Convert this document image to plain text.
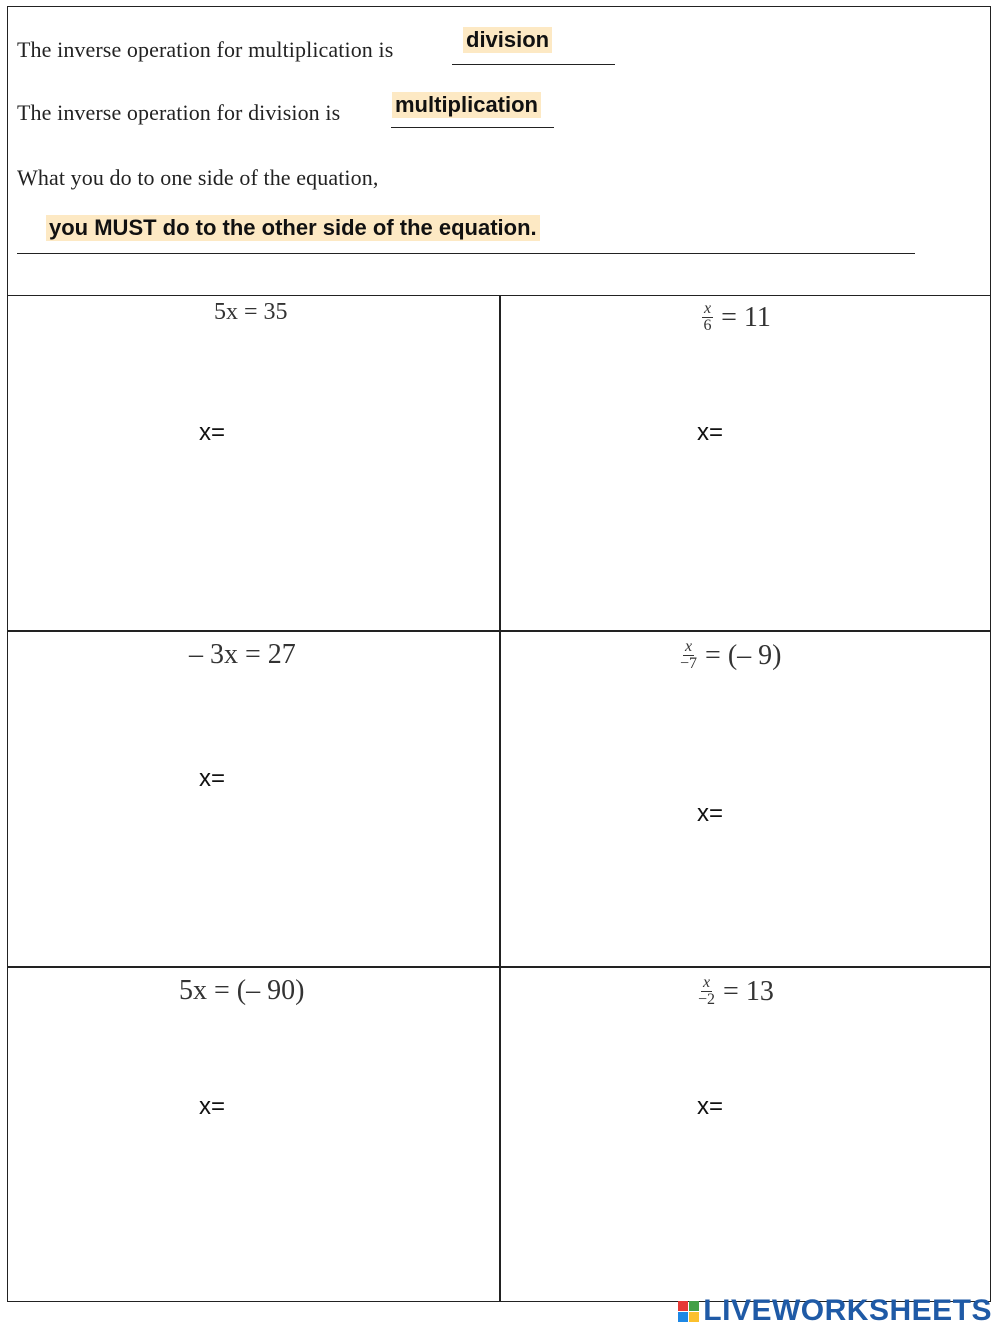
The inverse operation for multiplication is	division
The inverse operation for division is multiplication
What you do to one side of the equation,
you MUST do to the other side of the equation.
5x = 35
x=
$\frac{x}{6} = 11$
x=
– 3x = 27
x=
$\frac{x}{-7}$ = (– 9)
x=
5x = (– 90)
x=
$\frac{x}{-2} = 13$
x=
LIVEWORKSHEETS
